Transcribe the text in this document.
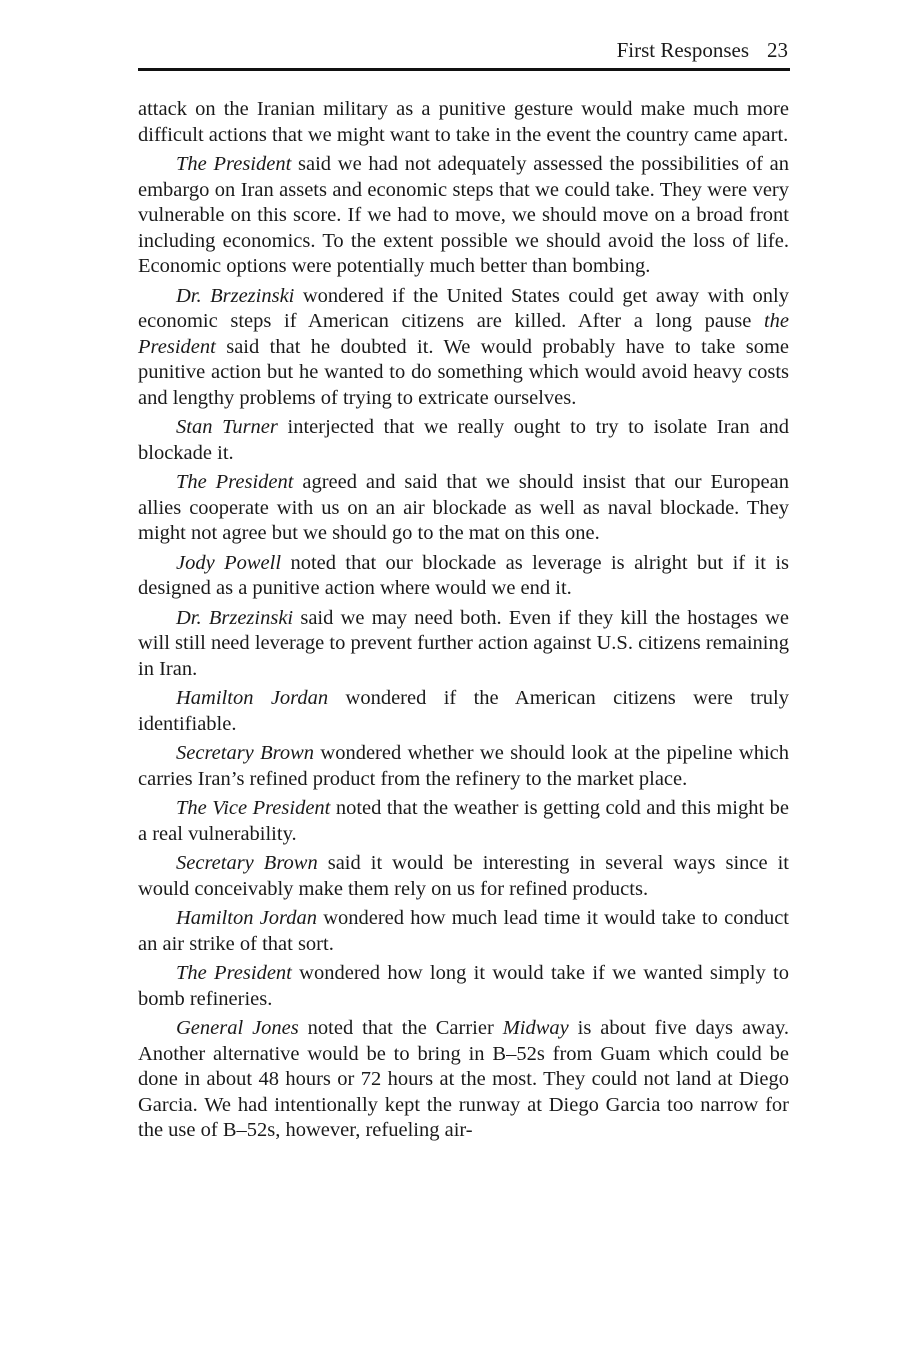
First Responses 23

attack on the Iranian military as a punitive gesture would make much more difficult actions that we might want to take in the event the country came apart.

The President said we had not adequately assessed the possibilities of an embargo on Iran assets and economic steps that we could take. They were very vulnerable on this score. If we had to move, we should move on a broad front including economics. To the extent possible we should avoid the loss of life. Economic options were potentially much better than bombing.

Dr. Brzezinski wondered if the United States could get away with only economic steps if American citizens are killed. After a long pause the President said that he doubted it. We would probably have to take some punitive action but he wanted to do something which would avoid heavy costs and lengthy problems of trying to extricate ourselves.

Stan Turner interjected that we really ought to try to isolate Iran and blockade it.

The President agreed and said that we should insist that our European allies cooperate with us on an air blockade as well as naval blockade. They might not agree but we should go to the mat on this one.

Jody Powell noted that our blockade as leverage is alright but if it is designed as a punitive action where would we end it.

Dr. Brzezinski said we may need both. Even if they kill the hostages we will still need leverage to prevent further action against U.S. citizens remaining in Iran.

Hamilton Jordan wondered if the American citizens were truly identifiable.

Secretary Brown wondered whether we should look at the pipeline which carries Iran’s refined product from the refinery to the market place.

The Vice President noted that the weather is getting cold and this might be a real vulnerability.

Secretary Brown said it would be interesting in several ways since it would conceivably make them rely on us for refined products.

Hamilton Jordan wondered how much lead time it would take to conduct an air strike of that sort.

The President wondered how long it would take if we wanted simply to bomb refineries.

General Jones noted that the Carrier Midway is about five days away. Another alternative would be to bring in B–52s from Guam which could be done in about 48 hours or 72 hours at the most. They could not land at Diego Garcia. We had intentionally kept the runway at Diego Garcia too narrow for the use of B–52s, however, refueling air-
